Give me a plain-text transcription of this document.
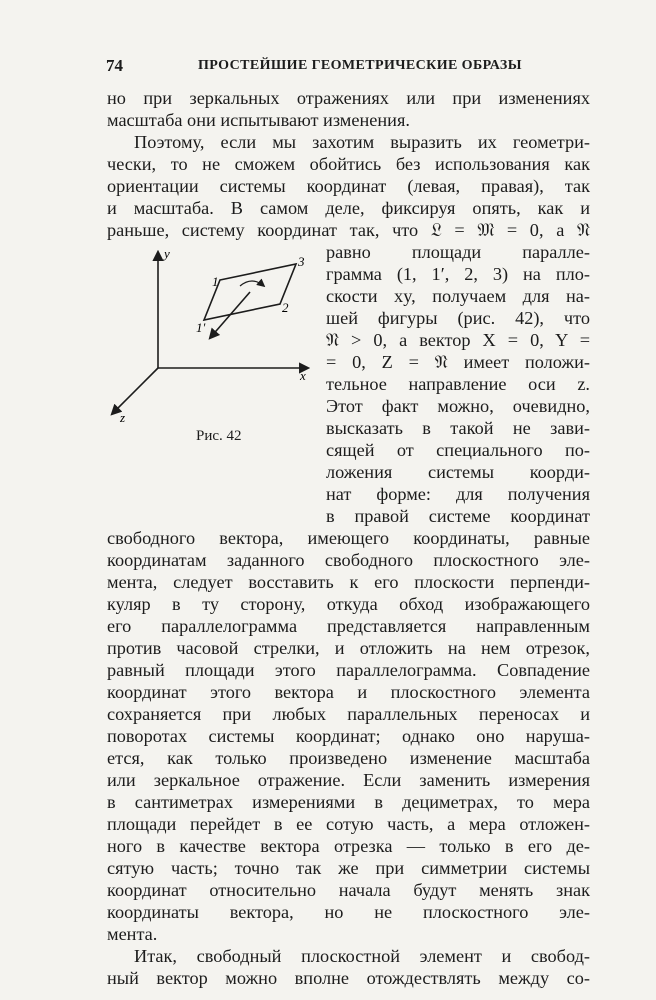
74	ПРОСТЕЙШИЕ ГЕОМЕТРИЧЕСКИЕ ОБРАЗЫ
но при зеркальных отражениях или при изменениях
масштаба они испытывают изменения.
Поэтому, если мы захотим выразить их геометри-
чески, то не сможем обойтись без использования как
ориентации системы координат (левая, правая), так
и масштаба. В самом деле, фиксируя опять, как и
раньше, систему координат так, что 𝔏 = 𝔐 = 0, а 𝔑
равно площади паралле-
грамма (1, 1′, 2, 3) на пло-
скости xy, получаем для на-
шей фигуры (рис. 42), что
𝔑 > 0, а вектор X = 0, Y =
= 0, Z = 𝔑 имеет положи-
тельное направление оси z.
Этот факт можно, очевидно,
высказать в такой не зави-
сящей от специального по-
ложения системы коорди-
нат форме: для получения
в правой системе координат
свободного вектора, имеющего координаты, равные
координатам заданного свободного плоскостного эле-
мента, следует восставить к его плоскости перпенди-
куляр в ту сторону, откуда обход изображающего
его параллелограмма представляется направленным
против часовой стрелки, и отложить на нем отрезок,
равный площади этого параллелограмма. Совпадение
координат этого вектора и плоскостного элемента
сохраняется при любых параллельных переносах и
поворотах системы координат; однако оно наруша-
ется, как только произведено изменение масштаба
или зеркальное отражение. Если заменить измерения
в сантиметрах измерениями в дециметрах, то мера
площади перейдет в ее сотую часть, а мера отложен-
ного в качестве вектора отрезка — только в его де-
сятую часть; точно так же при симметрии системы
координат относительно начала будут менять знак
координаты вектора, но не плоскостного эле-
мента.
Итак, свободный плоскостной элемент и свобод-
ный вектор можно вполне отождествлять между со-
y
x
z
1
1′
2
3
Рис. 42
